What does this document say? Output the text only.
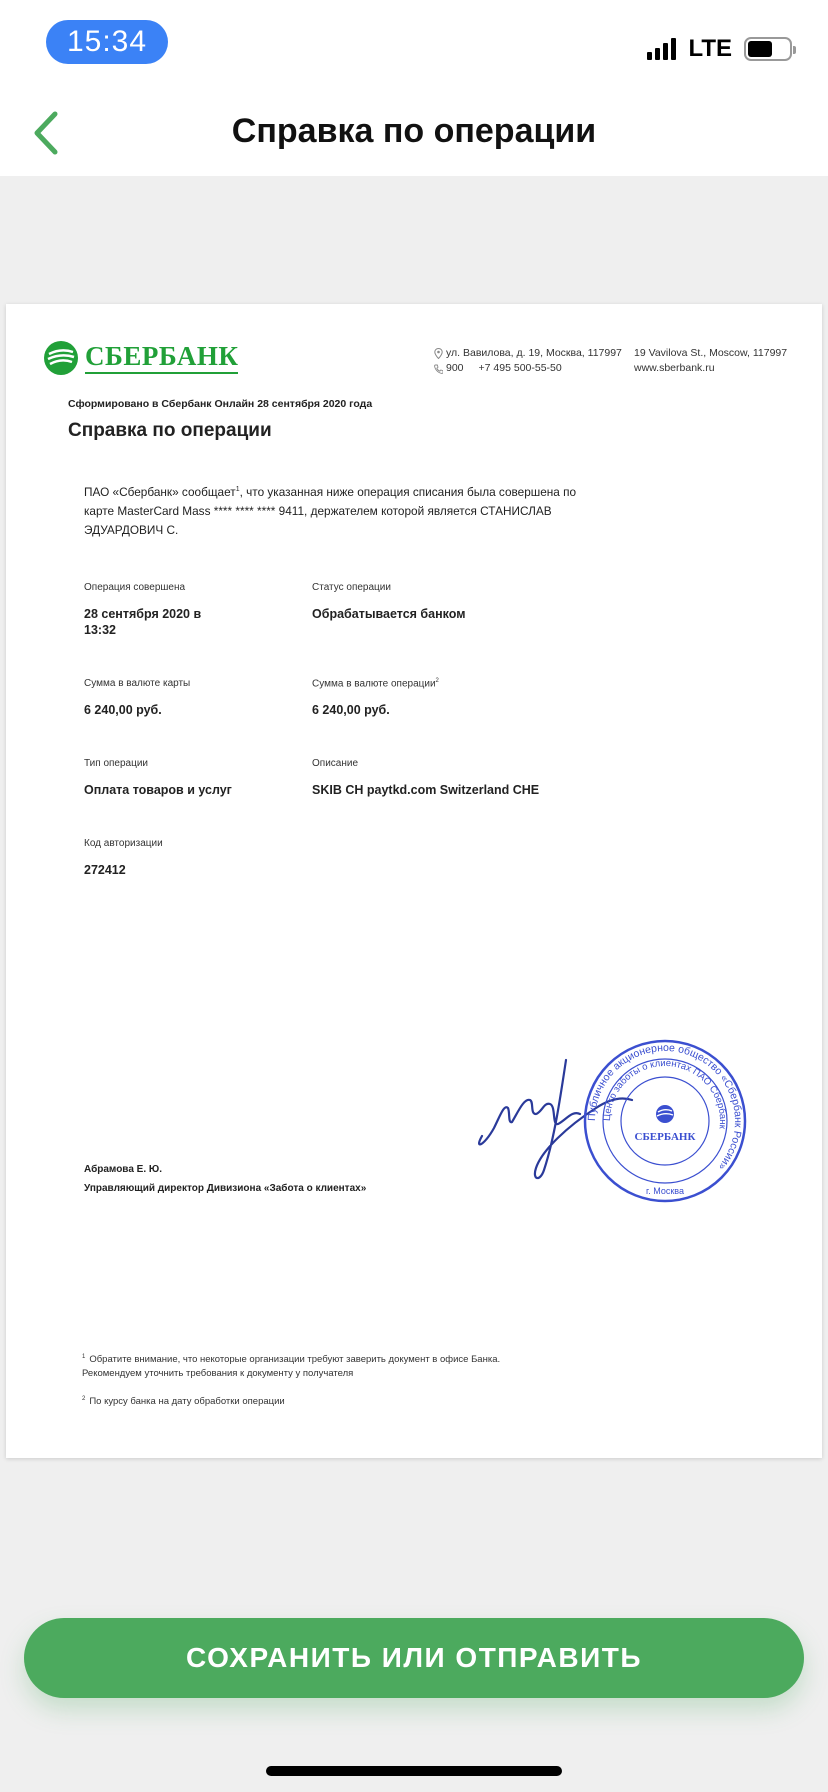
15:34	LTE
Справка по операции
СБЕРБАНК	ул. Вавилова, д. 19, Москва, 117997
900 +7 495 500-55-50
19 Vavilova St., Moscow, 117997
www.sberbank.ru
Сформировано в Сбербанк Онлайн 28 сентября 2020 года
Справка по операции
ПАО «Сбербанк» сообщает$^1$, что указанная ниже операция списания была совершена по карте MasterCard Mass **** **** **** 9411, держателем которой является СТАНИСЛАВ ЭДУАРДОВИЧ С.
Операция совершена
28 сентября 2020 в
13:32
Статус операции
Обрабатывается банком
Сумма в валюте карты
6 240,00 руб.
Сумма в валюте операции$^2$
6 240,00 руб.
Тип операции
Оплата товаров и услуг
Описание
SKIB CH paytkd.com Switzerland CHE
Код авторизации
272412
Публичное акционерное общество «Сбербанк России»
Центр заботы о клиентах ПАО Сбербанк
СБЕРБАНК
г. Москва
Абрамова Е. Ю.
Управляющий директор Дивизиона «Забота о клиентах»
$^1$ Обратите внимание, что некоторые организации требуют заверить документ в офисе Банка. Рекомендуем уточнить требования к документу у получателя
$^2$ По курсу банка на дату обработки операции
СОХРАНИТЬ ИЛИ ОТПРАВИТЬ
